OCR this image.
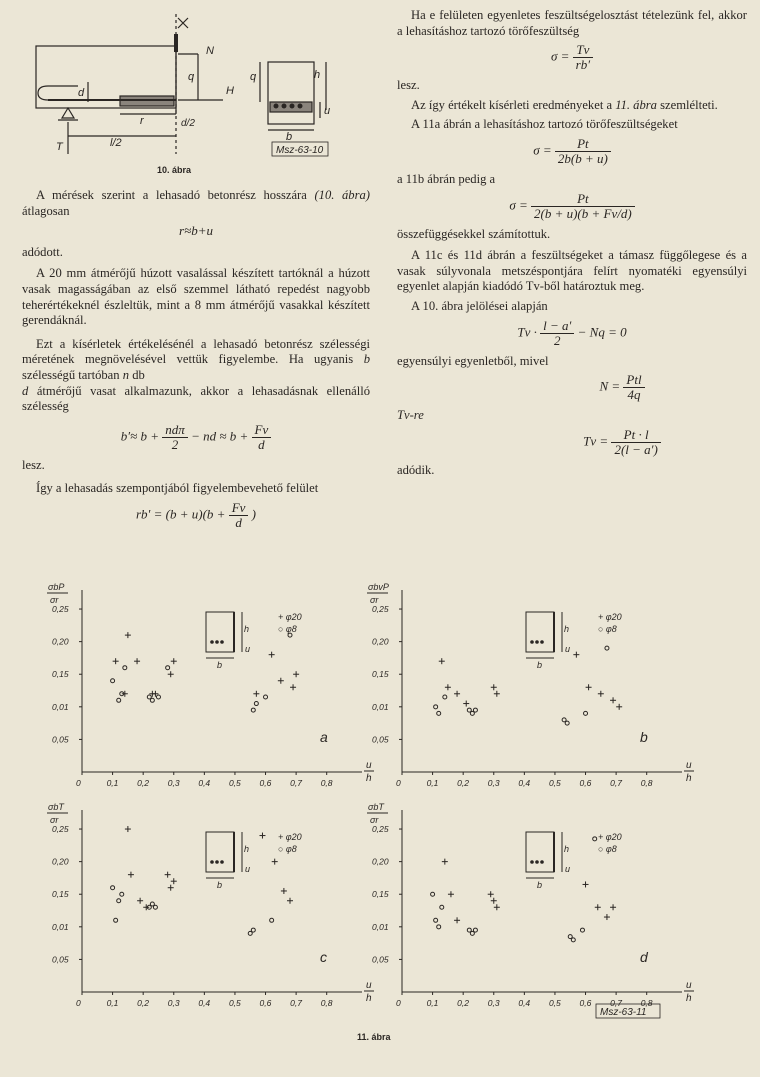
N
H
q
d
r	d/2
l/2
T
q	h
u
b
Msz-63-10
10. ábra

A mérések szerint a lehasadó betonrész hosszára (10. ábra) átlagosan

r≈b+u

adódott.

A 20 mm átmérőjű húzott vasalással készített tartóknál a húzott vasak magasságában az első szemmel látható repedést nagyobb teherértékeknél észleltük, mint a 8 mm átmérőjű vasakkal készített gerendáknál.

Ezt a kísérletek értékelésénél a lehasadó betonrész szélességi méretének megnövelésével vettük figyelembe. Ha ugyanis b szélességű tartóban n db
d átmérőjű vasat alkalmazunk, akkor a lehasadásnak ellenálló szélesség

$b'\approx b + \frac{\text{ndπ}}{2}$ − nd ≈ $b + \frac{Fv}{d}$

lesz.

Így a lehasadás szempontjából figyelembevehető felület

$rb' = (b + u)(b + \frac{Fv}{d}$ )

Ha e felületen egyenletes feszültségelosztást tételezünk fel, akkor a lehasításhoz tartozó törőfeszültség

$\sigma = \frac{Tv}{rb'}$

lesz.

Az így értékelt kísérleti eredményeket a 11. ábra szemlélteti.

A 11a ábrán a lehasításhoz tartozó törőfeszültségeket

$\sigma = \frac{Pt}{2b(b + u)}$

a 11b ábrán pedig a

$\sigma = \frac{Pt}{2(b + u)(b + Fv/d)}$

összefüggésekkel számítottuk.

A 11c és 11d ábrán a feszültségeket a támasz függőlegese és a vasak súlyvonala metszéspontjára felírt nyomatéki egyensúlyi egyenlet alapján kiadódó Tv-ből határoztuk meg.

A 10. ábra jelölései alapján

$Tv \cdot \frac{l - a'}{2} - Nq = 0$

egyensúlyi egyenletből, mivel

$N = \frac{\text{Ptl}}{4q}$

Tv-re

$Tv = \frac{Pt \cdot l}{2(l - a')}$

adódik.

0,25
0,20
0,15
0,01
0,05
0	0,1 0,2 0,3 0,4 0,5 0,6 0,7 0,8
u
h
σbP
σr
a
h
u
b
+ φ20
○ φ8
0,25
0,20
0,15
0,01
0,05
0	0,1 0,2 0,3 0,4 0,5 0,6 0,7 0,8
u
h
σbvP
σr
b
h
u
b
+ φ20
○ φ8
0,25
0,20
0,15
0,01
0,05
0	0,1 0,2 0,3 0,4 0,5 0,6 0,7 0,8
u
h
σbT
σr
c
h
u
b
+ φ20
○ φ8
0,25
0,20
0,15
0,01
0,05
0	0,1 0,2 0,3 0,4 0,5 0,6 0,7 0,8
u
h
σbT
σr
d
h
u
b
+ φ20
○ φ8
Msz-63-11
11. ábra
